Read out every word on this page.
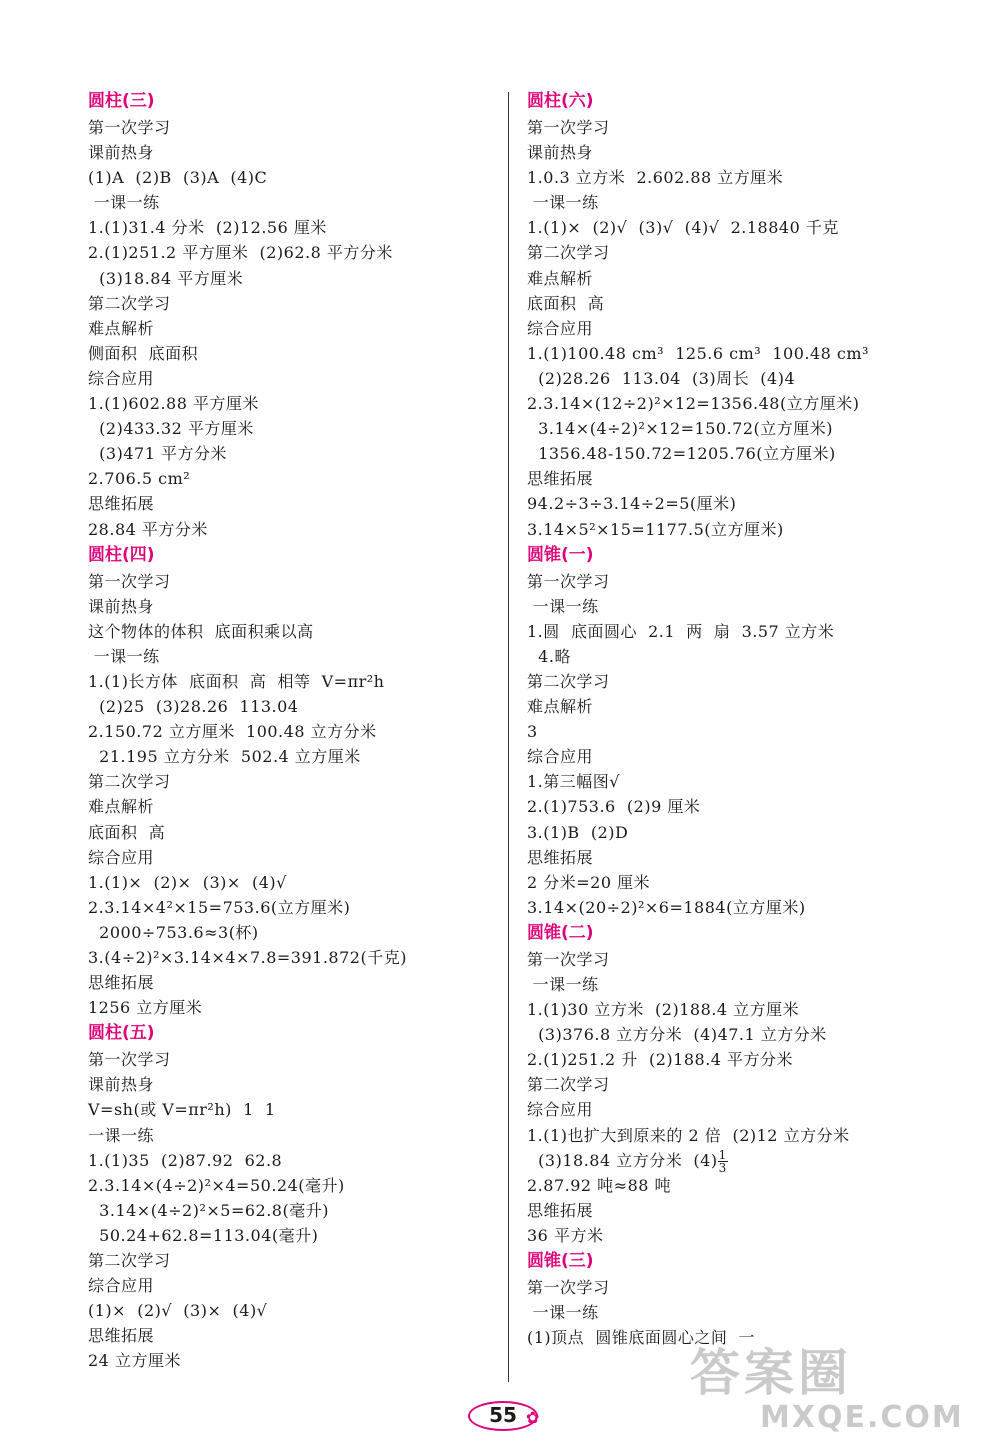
圆柱(三)
第一次学习
课前热身
(1)A  (2)B  (3)A  (4)C
一课一练
1.(1)31.4 分米  (2)12.56 厘米
2.(1)251.2 平方厘米  (2)62.8 平方分米
(3)18.84 平方厘米
第二次学习
难点解析
侧面积  底面积
综合应用
1.(1)602.88 平方厘米
(2)433.32 平方厘米
(3)471 平方分米
2.706.5 cm²
思维拓展
28.84 平方分米
圆柱(四)
第一次学习
课前热身
这个物体的体积  底面积乘以高
一课一练
1.(1)长方体  底面积  高  相等  V=πr²h
(2)25  (3)28.26  113.04
2.150.72 立方厘米  100.48 立方分米
21.195 立方分米  502.4 立方厘米
第二次学习
难点解析
底面积  高
综合应用
1.(1)×  (2)×  (3)×  (4)√
2.3.14×4²×15=753.6(立方厘米)
2000÷753.6≈3(杯)
3.(4÷2)²×3.14×4×7.8=391.872(千克)
思维拓展
1256 立方厘米
圆柱(五)
第一次学习
课前热身
V=sh(或 V=πr²h)  1  1
一课一练
1.(1)35  (2)87.92  62.8
2.3.14×(4÷2)²×4=50.24(毫升)
3.14×(4÷2)²×5=62.8(毫升)
50.24+62.8=113.04(毫升)
第二次学习
综合应用
(1)×  (2)√  (3)×  (4)√
思维拓展
24 立方厘米
圆柱(六)
第一次学习
课前热身
1.0.3 立方米  2.602.88 立方厘米
一课一练
1.(1)×  (2)√  (3)√  (4)√  2.18840 千克
第二次学习
难点解析
底面积  高
综合应用
1.(1)100.48 cm³  125.6 cm³  100.48 cm³
(2)28.26  113.04  (3)周长  (4)4
2.3.14×(12÷2)²×12=1356.48(立方厘米)
3.14×(4÷2)²×12=150.72(立方厘米)
1356.48-150.72=1205.76(立方厘米)
思维拓展
94.2÷3÷3.14÷2=5(厘米)
3.14×5²×15=1177.5(立方厘米)
圆锥(一)
第一次学习
一课一练
1.圆  底面圆心  2.1  两  扇  3.57 立方米
4.略
第二次学习
难点解析
3
综合应用
1.第三幅图√
2.(1)753.6  (2)9 厘米
3.(1)B  (2)D
思维拓展
2 分米=20 厘米
3.14×(20÷2)²×6=1884(立方厘米)
圆锥(二)
第一次学习
一课一练
1.(1)30 立方米  (2)188.4 立方厘米
(3)376.8 立方分米  (4)47.1 立方分米
2.(1)251.2 升  (2)188.4 平方分米
第二次学习
综合应用
1.(1)也扩大到原来的 2 倍  (2)12 立方分米
(3)18.84 立方分米  $(4) \frac{1}{3}$
2.87.92 吨≈88 吨
思维拓展
36 平方米
圆锥(三)
第一次学习
一课一练
(1)顶点  圆锥底面圆心之间  一
55 ✿
答案圈
MXQE.COM
